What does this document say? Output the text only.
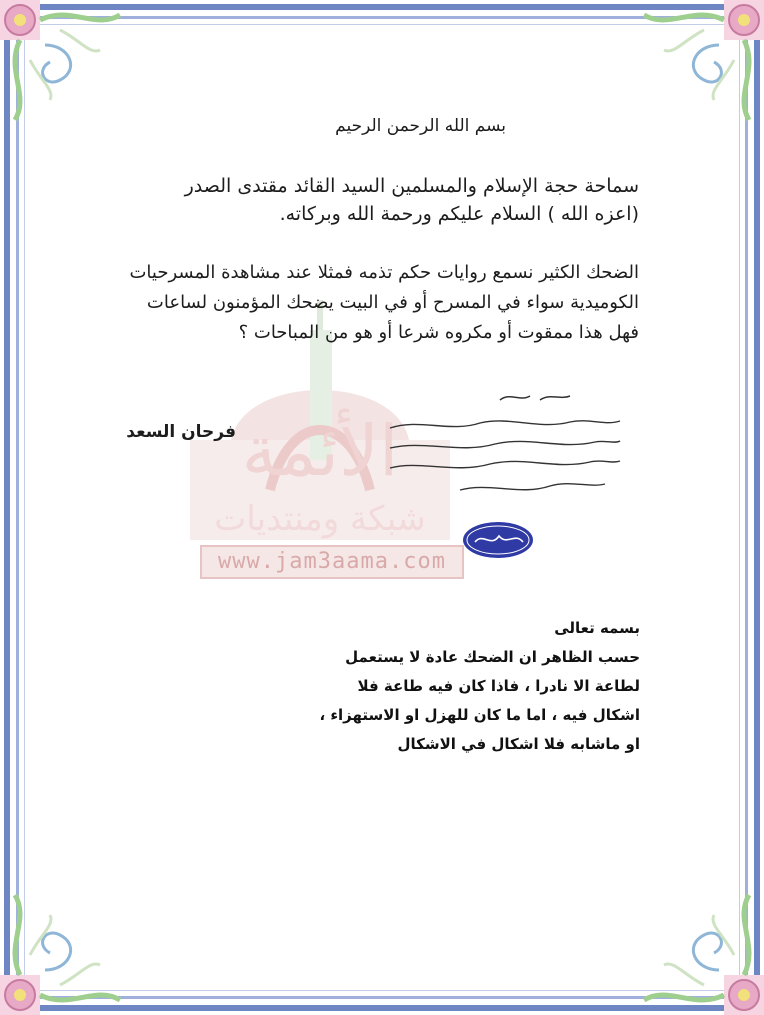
الأئمة
شبكة ومنتديات
www.jam3aama.com
بسم الله الرحمن الرحيم
سماحة حجة الإسلام والمسلمين السيد القائد مقتدى الصدر
(اعزه الله ) السلام عليكم ورحمة الله وبركاته.
الضحك الكثير نسمع روايات حكم تذمه فمثلا عند مشاهدة المسرحيات الكوميدية سواء في المسرح أو في البيت يضحك المؤمنون لساعات فهل هذا ممقوت أو مكروه شرعا أو هو من المباحات ؟
فرحان السعد
بسمه تعالى
حسب الظاهر ان الضحك عادة لا يستعمل
لطاعة الا نادرا ، فاذا كان فيه طاعة فلا
اشكال فيه ، اما ما كان للهزل او الاستهزاء ،
او ماشابه فلا اشكال في الاشكال
